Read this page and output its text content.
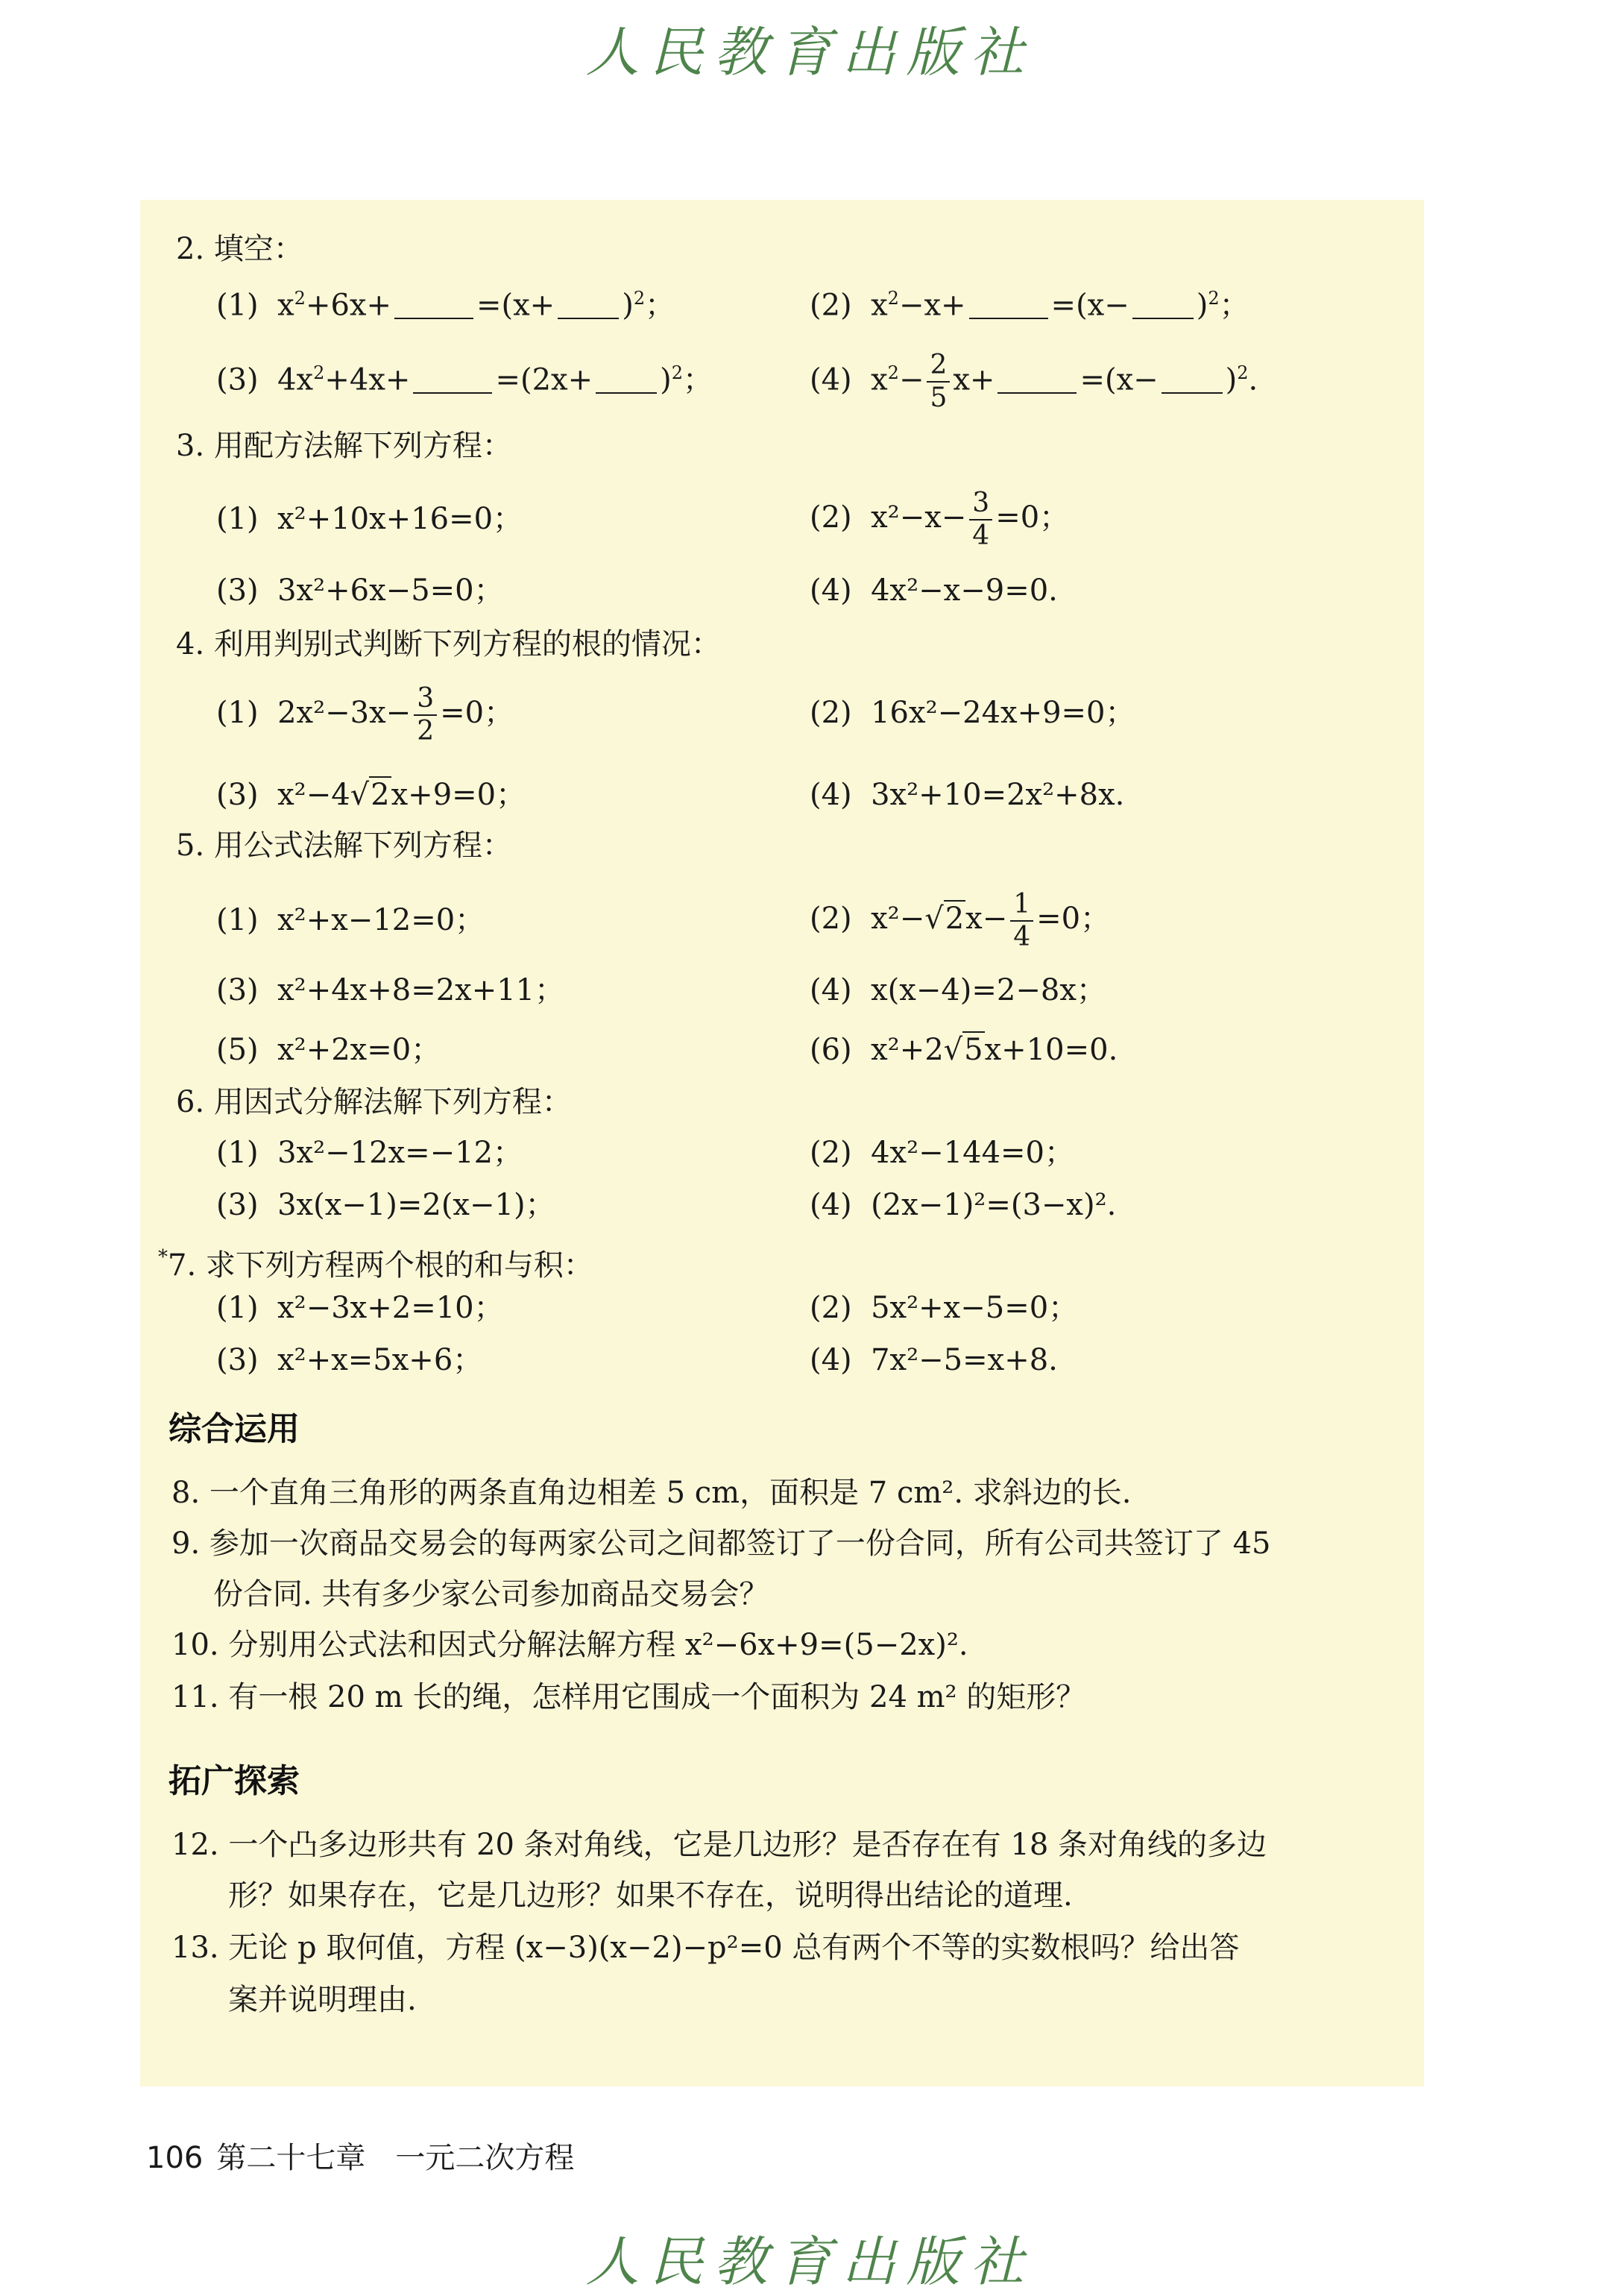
人民教育出版社
2. 填空：
(1) $x^2+6x+$	$=(x+ )^2$；	(2) $x^2-x+$	$=(x- )^2$；
(3) $4x^2+4x+$	$=(2x+ )^2$；	(4) $x^2- \frac{2}{5} x+$	$=(x- )^2$.
3. 用配方法解下列方程：
(1) x²+10x+16=0；	(2) $x^2-x- \frac{3}{4} =0$；
(3) 3x²+6x−5=0；	(4) 4x²−x−9=0.
4. 利用判别式判断下列方程的根的情况：
(1) $2x^2-3x- \frac{3}{2} =0$；	(2) 16x²−24x+9=0；
(3) x²−4√2x+9=0；	(4) 3x²+10=2x²+8x.
5. 用公式法解下列方程：
(1) x²+x−12=0；	(2) $x^2-√2x- \frac{1}{4} =0$；
(3) x²+4x+8=2x+11；	(4) x(x−4)=2−8x；
(5) x²+2x=0；	(6) x²+2√5x+10=0.
6. 用因式分解法解下列方程：
(1) 3x²−12x=−12；	(2) 4x²−144=0；
(3) 3x(x−1)=2(x−1)；	(4) (2x−1)²=(3−x)².
*7. 求下列方程两个根的和与积：
(1) x²−3x+2=10；	(2) 5x²+x−5=0；
(3) x²+x=5x+6；	(4) 7x²−5=x+8.
综合运用
8. 一个直角三角形的两条直角边相差 5 cm，面积是 7 cm². 求斜边的长.
9. 参加一次商品交易会的每两家公司之间都签订了一份合同，所有公司共签订了 45
份合同. 共有多少家公司参加商品交易会？
10. 分别用公式法和因式分解法解方程 x²−6x+9=(5−2x)².
11. 有一根 20 m 长的绳，怎样用它围成一个面积为 24 m² 的矩形？
拓广探索
12. 一个凸多边形共有 20 条对角线，它是几边形？是否存在有 18 条对角线的多边
形？如果存在，它是几边形？如果不存在，说明得出结论的道理.
13. 无论 p 取何值，方程 (x−3)(x−2)−p²=0 总有两个不等的实数根吗？给出答
案并说明理由.
106 第二十七章　一元二次方程
人民教育出版社
